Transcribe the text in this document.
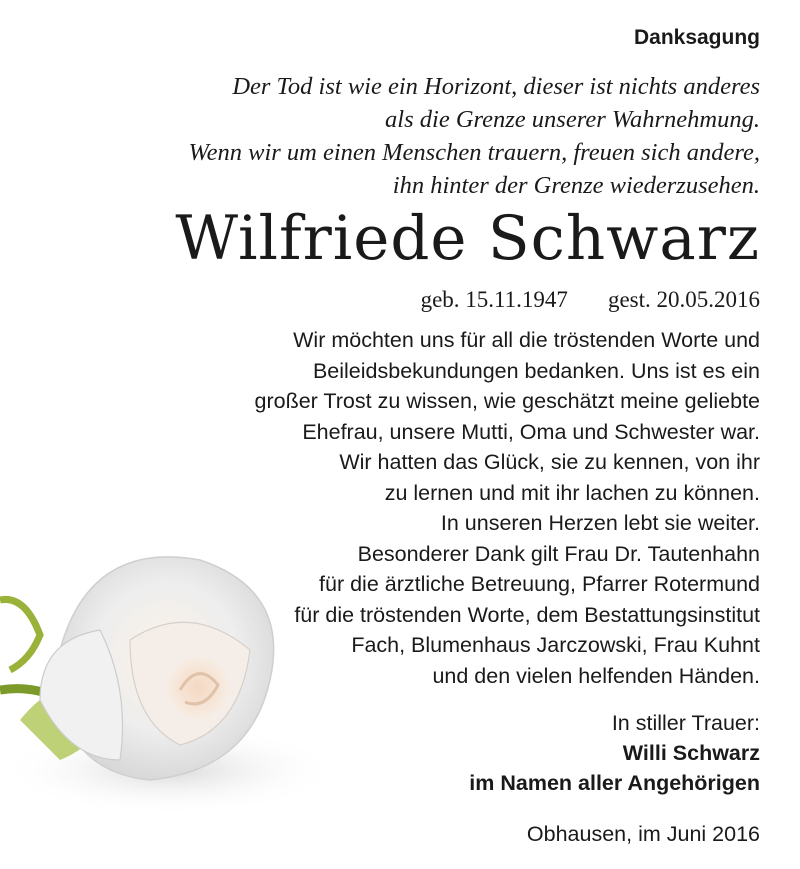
Danksagung
Der Tod ist wie ein Horizont, dieser ist nichts anderes
als die Grenze unserer Wahrnehmung.
Wenn wir um einen Menschen trauern, freuen sich andere,
ihn hinter der Grenze wiederzusehen.
Wilfriede Schwarz
geb. 15.11.1947 gest. 20.05.2016
Wir möchten uns für all die tröstenden Worte und
Beileidsbekundungen bedanken. Uns ist es ein
großer Trost zu wissen, wie geschätzt meine geliebte
Ehefrau, unsere Mutti, Oma und Schwester war.
Wir hatten das Glück, sie zu kennen, von ihr
zu lernen und mit ihr lachen zu können.
In unseren Herzen lebt sie weiter.
Besonderer Dank gilt Frau Dr. Tautenhahn
für die ärztliche Betreuung, Pfarrer Rotermund
für die tröstenden Worte, dem Bestattungsinstitut
Fach, Blumenhaus Jarczowski, Frau Kuhnt
und den vielen helfenden Händen.
In stiller Trauer:
Willi Schwarz
im Namen aller Angehörigen
Obhausen, im Juni 2016
